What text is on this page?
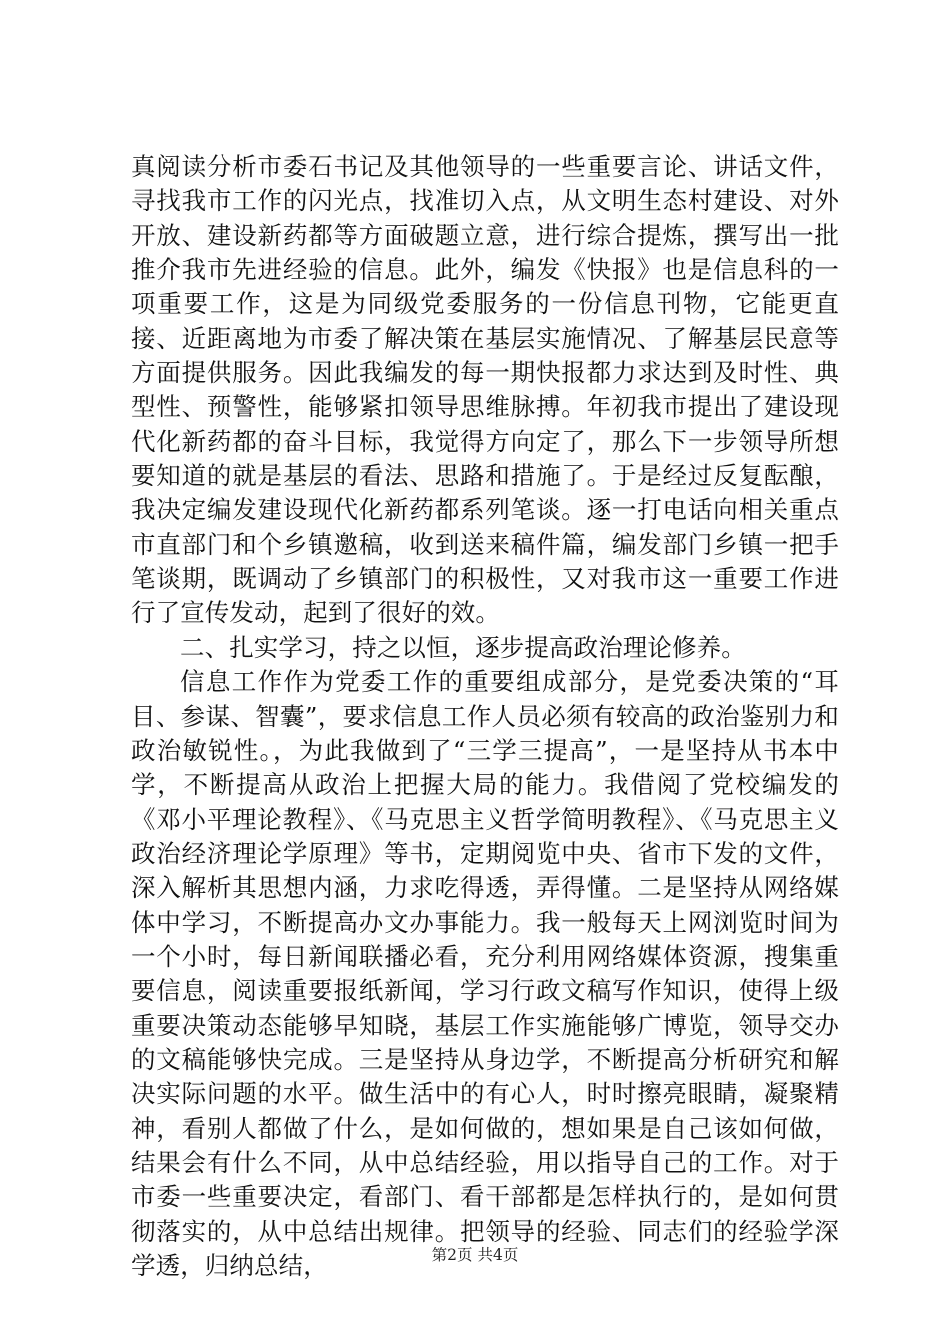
真阅读分析市委石书记及其他领导的一些重要言论、讲话文件，寻找我市工作的闪光点，找准切入点，从文明生态村建设、对外开放、建设新药都等方面破题立意，进行综合提炼，撰写出一批推介我市先进经验的信息。此外，编发《快报》也是信息科的一项重要工作，这是为同级党委服务的一份信息刊物，它能更直接、近距离地为市委了解决策在基层实施情况、了解基层民意等方面提供服务。因此我编发的每一期快报都力求达到及时性、典型性、预警性，能够紧扣领导思维脉搏。年初我市提出了建设现代化新药都的奋斗目标，我觉得方向定了，那么下一步领导所想要知道的就是基层的看法、思路和措施了。于是经过反复酝酿，我决定编发建设现代化新药都系列笔谈。逐一打电话向相关重点市直部门和个乡镇邀稿，收到送来稿件篇，编发部门乡镇一把手笔谈期，既调动了乡镇部门的积极性，又对我市这一重要工作进行了宣传发动，起到了很好的效。

二、扎实学习，持之以恒，逐步提高政治理论修养。

信息工作作为党委工作的重要组成部分，是党委决策的“耳目、参谋、智囊”，要求信息工作人员必须有较高的政治鉴别力和政治敏锐性。，为此我做到了“三学三提高”，一是坚持从书本中学，不断提高从政治上把握大局的能力。我借阅了党校编发的《邓小平理论教程》、《马克思主义哲学简明教程》、《马克思主义政治经济理论学原理》等书，定期阅览中央、省市下发的文件，深入解析其思想内涵，力求吃得透，弄得懂。二是坚持从网络媒体中学习，不断提高办文办事能力。我一般每天上网浏览时间为一个小时，每日新闻联播必看，充分利用网络媒体资源，搜集重要信息，阅读重要报纸新闻，学习行政文稿写作知识，使得上级重要决策动态能够早知晓，基层工作实施能够广博览，领导交办的文稿能够快完成。三是坚持从身边学，不断提高分析研究和解决实际问题的水平。做生活中的有心人，时时擦亮眼睛，凝聚精神，看别人都做了什么，是如何做的，想如果是自己该如何做，结果会有什么不同，从中总结经验，用以指导自己的工作。对于市委一些重要决定，看部门、看干部都是怎样执行的，是如何贯彻落实的，从中总结出规律。把领导的经验、同志们的经验学深学透，归纳总结，	第2页 共4页
